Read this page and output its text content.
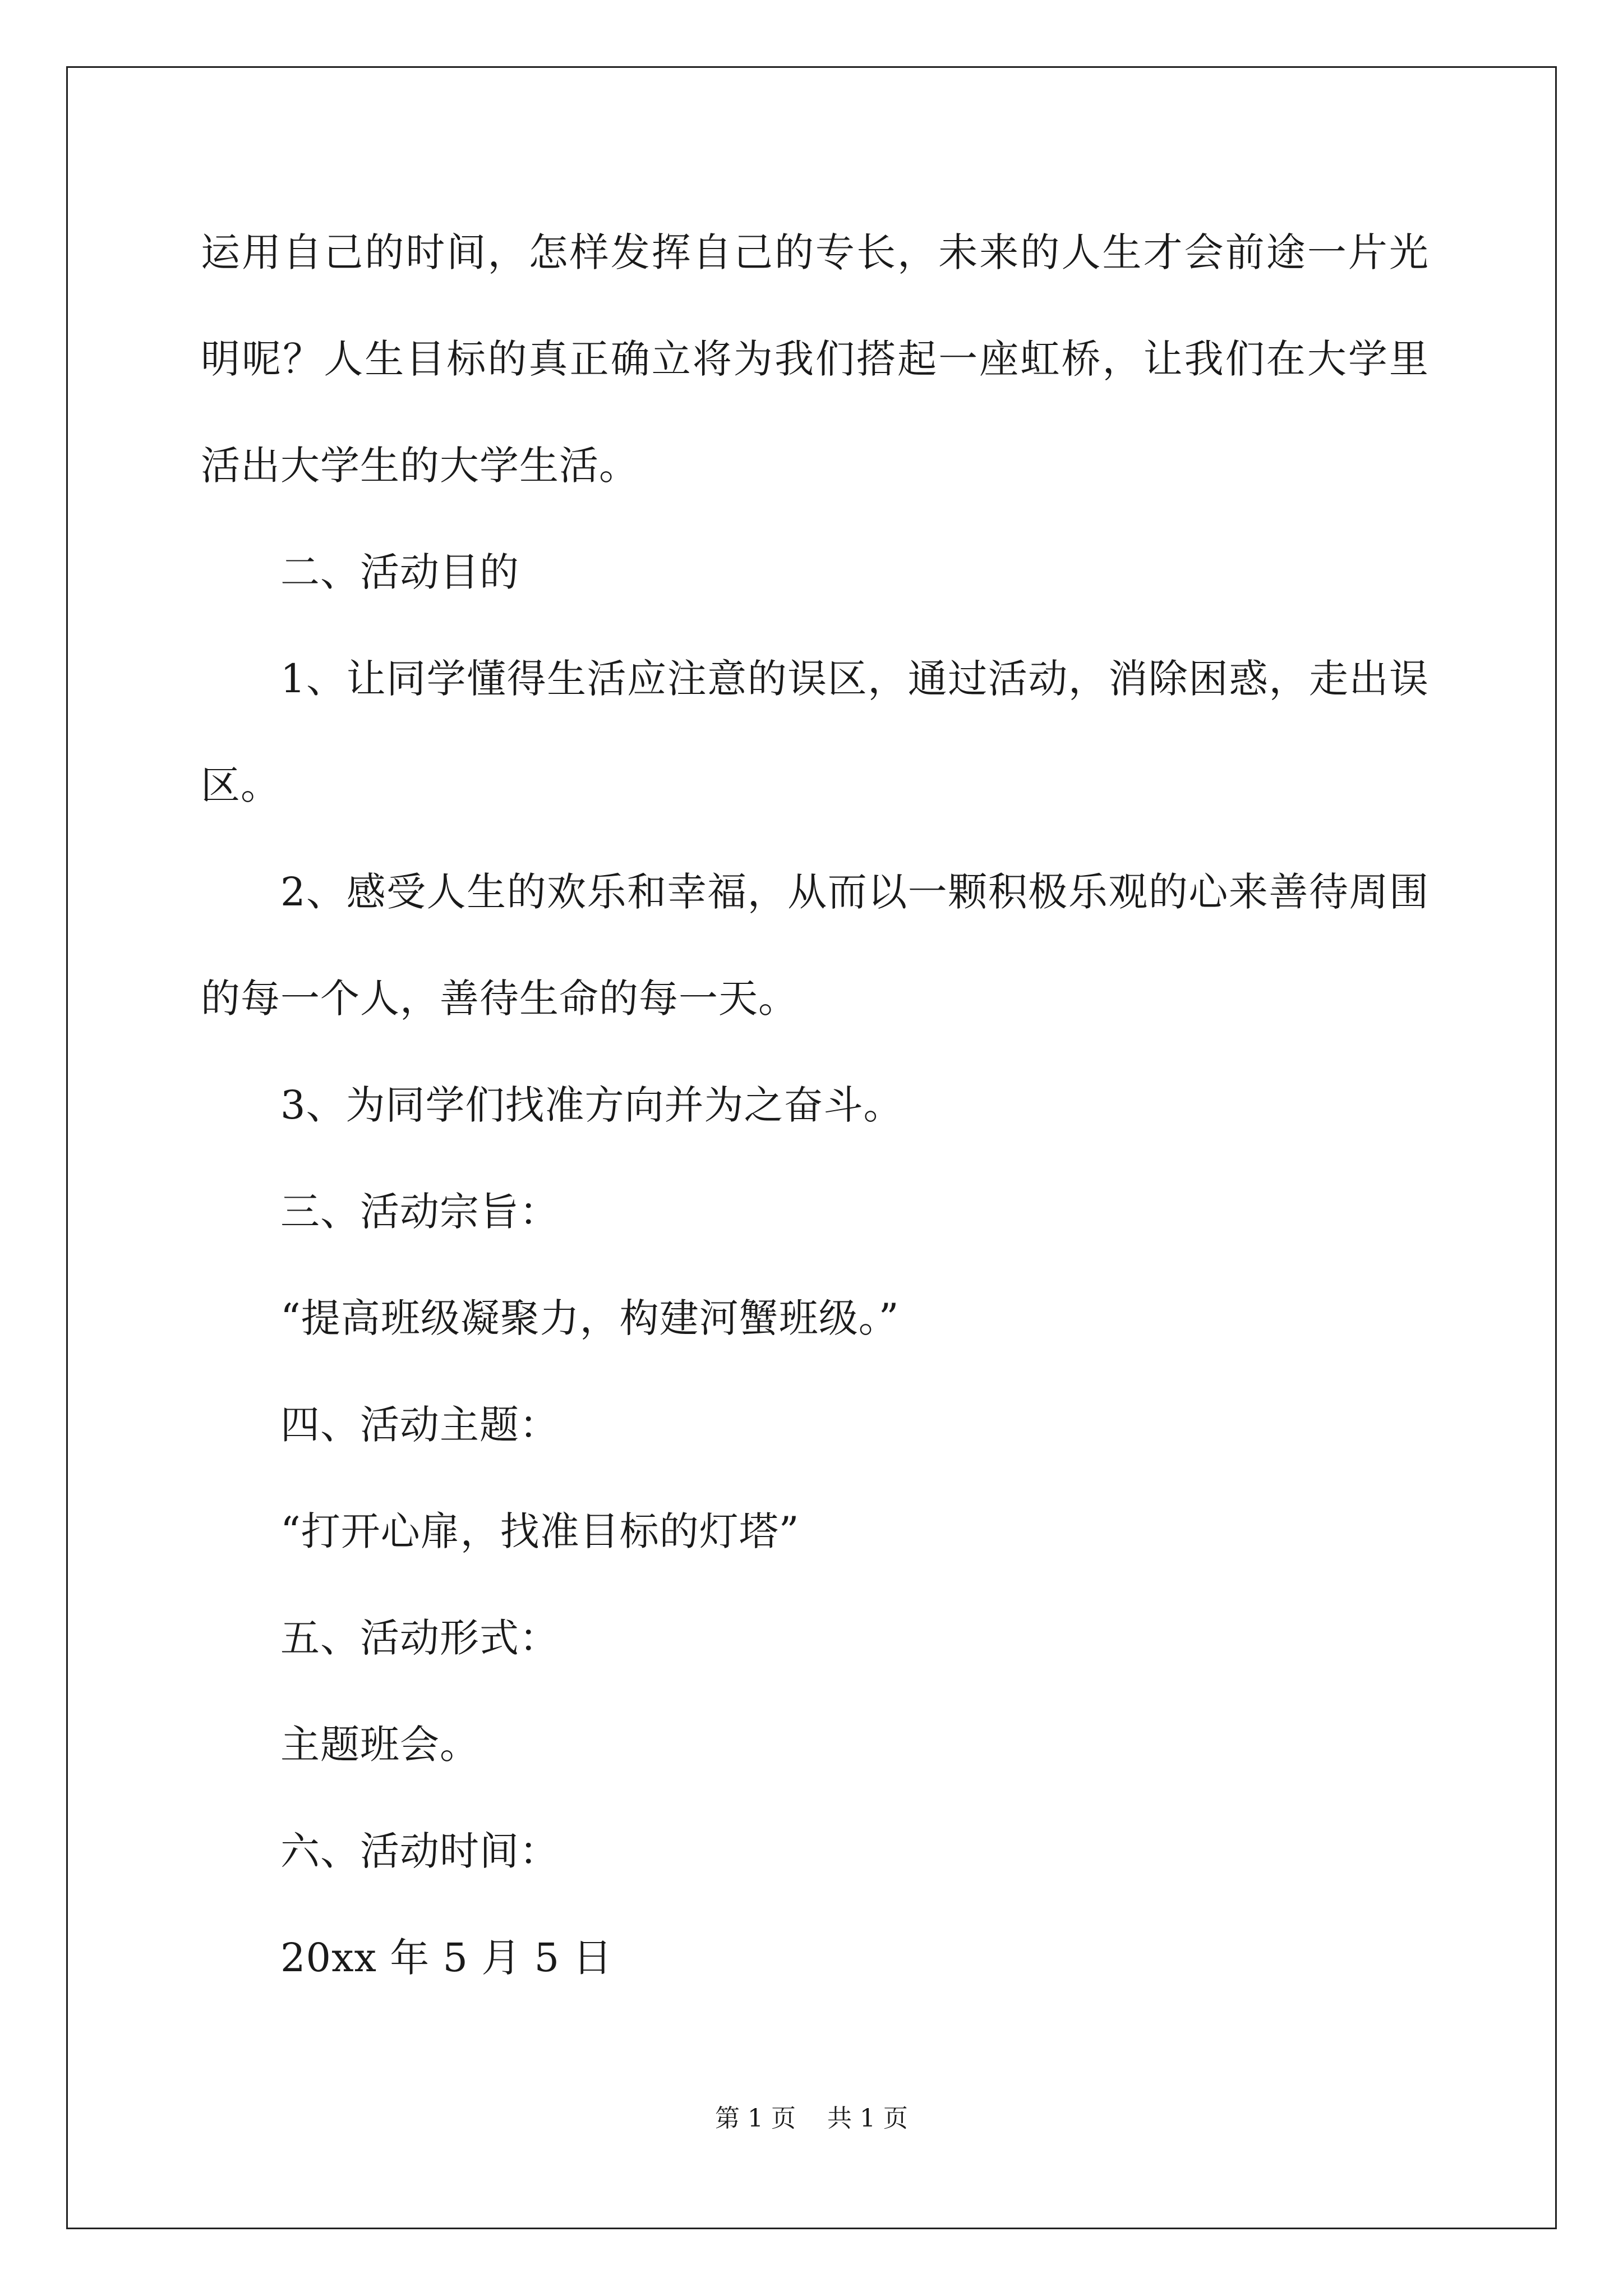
运用自己的时间，怎样发挥自己的专长，未来的人生才会前途一片光

明呢？人生目标的真正确立将为我们搭起一座虹桥，让我们在大学里

活出大学生的大学生活。

二、活动目的

1、让同学懂得生活应注意的误区，通过活动，消除困惑，走出误

区。

2、感受人生的欢乐和幸福，从而以一颗积极乐观的心来善待周围

的每一个人，善待生命的每一天。

3、为同学们找准方向并为之奋斗。

三、活动宗旨：

“提高班级凝聚力，构建河蟹班级。”

四、活动主题：

“打开心扉，找准目标的灯塔”

五、活动形式：

主题班会。

六、活动时间：

20xx 年 5 月 5 日

第 1 页    共 1 页
